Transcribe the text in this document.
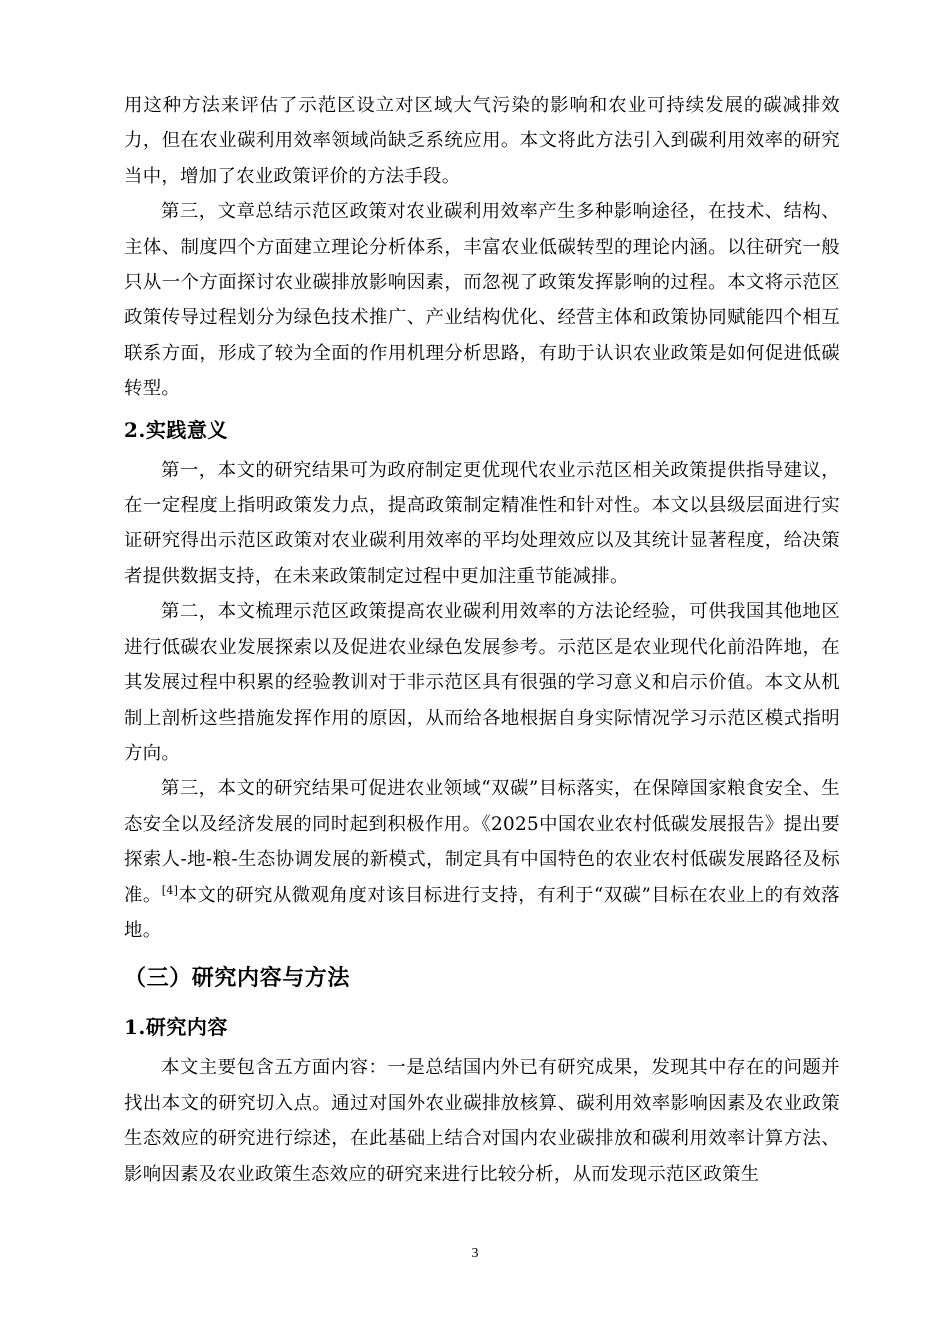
用这种方法来评估了示范区设立对区域大气污染的影响和农业可持续发展的碳减排效力，但在农业碳利用效率领域尚缺乏系统应用。本文将此方法引入到碳利用效率的研究当中，增加了农业政策评价的方法手段。

第三，文章总结示范区政策对农业碳利用效率产生多种影响途径，在技术、结构、主体、制度四个方面建立理论分析体系，丰富农业低碳转型的理论内涵。以往研究一般只从一个方面探讨农业碳排放影响因素，而忽视了政策发挥影响的过程。本文将示范区政策传导过程划分为绿色技术推广、产业结构优化、经营主体和政策协同赋能四个相互联系方面，形成了较为全面的作用机理分析思路，有助于认识农业政策是如何促进低碳转型。

2.实践意义

第一，本文的研究结果可为政府制定更优现代农业示范区相关政策提供指导建议，在一定程度上指明政策发力点，提高政策制定精准性和针对性。本文以县级层面进行实证研究得出示范区政策对农业碳利用效率的平均处理效应以及其统计显著程度，给决策者提供数据支持，在未来政策制定过程中更加注重节能减排。

第二，本文梳理示范区政策提高农业碳利用效率的方法论经验，可供我国其他地区进行低碳农业发展探索以及促进农业绿色发展参考。示范区是农业现代化前沿阵地，在其发展过程中积累的经验教训对于非示范区具有很强的学习意义和启示价值。本文从机制上剖析这些措施发挥作用的原因，从而给各地根据自身实际情况学习示范区模式指明方向。

第三，本文的研究结果可促进农业领域“双碳”目标落实，在保障国家粮食安全、生态安全以及经济发展的同时起到积极作用。《2025中国农业农村低碳发展报告》提出要探索人-地-粮-生态协调发展的新模式，制定具有中国特色的农业农村低碳发展路径及标准。[4]本文的研究从微观角度对该目标进行支持，有利于“双碳”目标在农业上的有效落地。

（三）研究内容与方法
1.研究内容

本文主要包含五方面内容：一是总结国内外已有研究成果，发现其中存在的问题并找出本文的研究切入点。通过对国外农业碳排放核算、碳利用效率影响因素及农业政策生态效应的研究进行综述，在此基础上结合对国内农业碳排放和碳利用效率计算方法、影响因素及农业政策生态效应的研究来进行比较分析，从而发现示范区政策生

3
